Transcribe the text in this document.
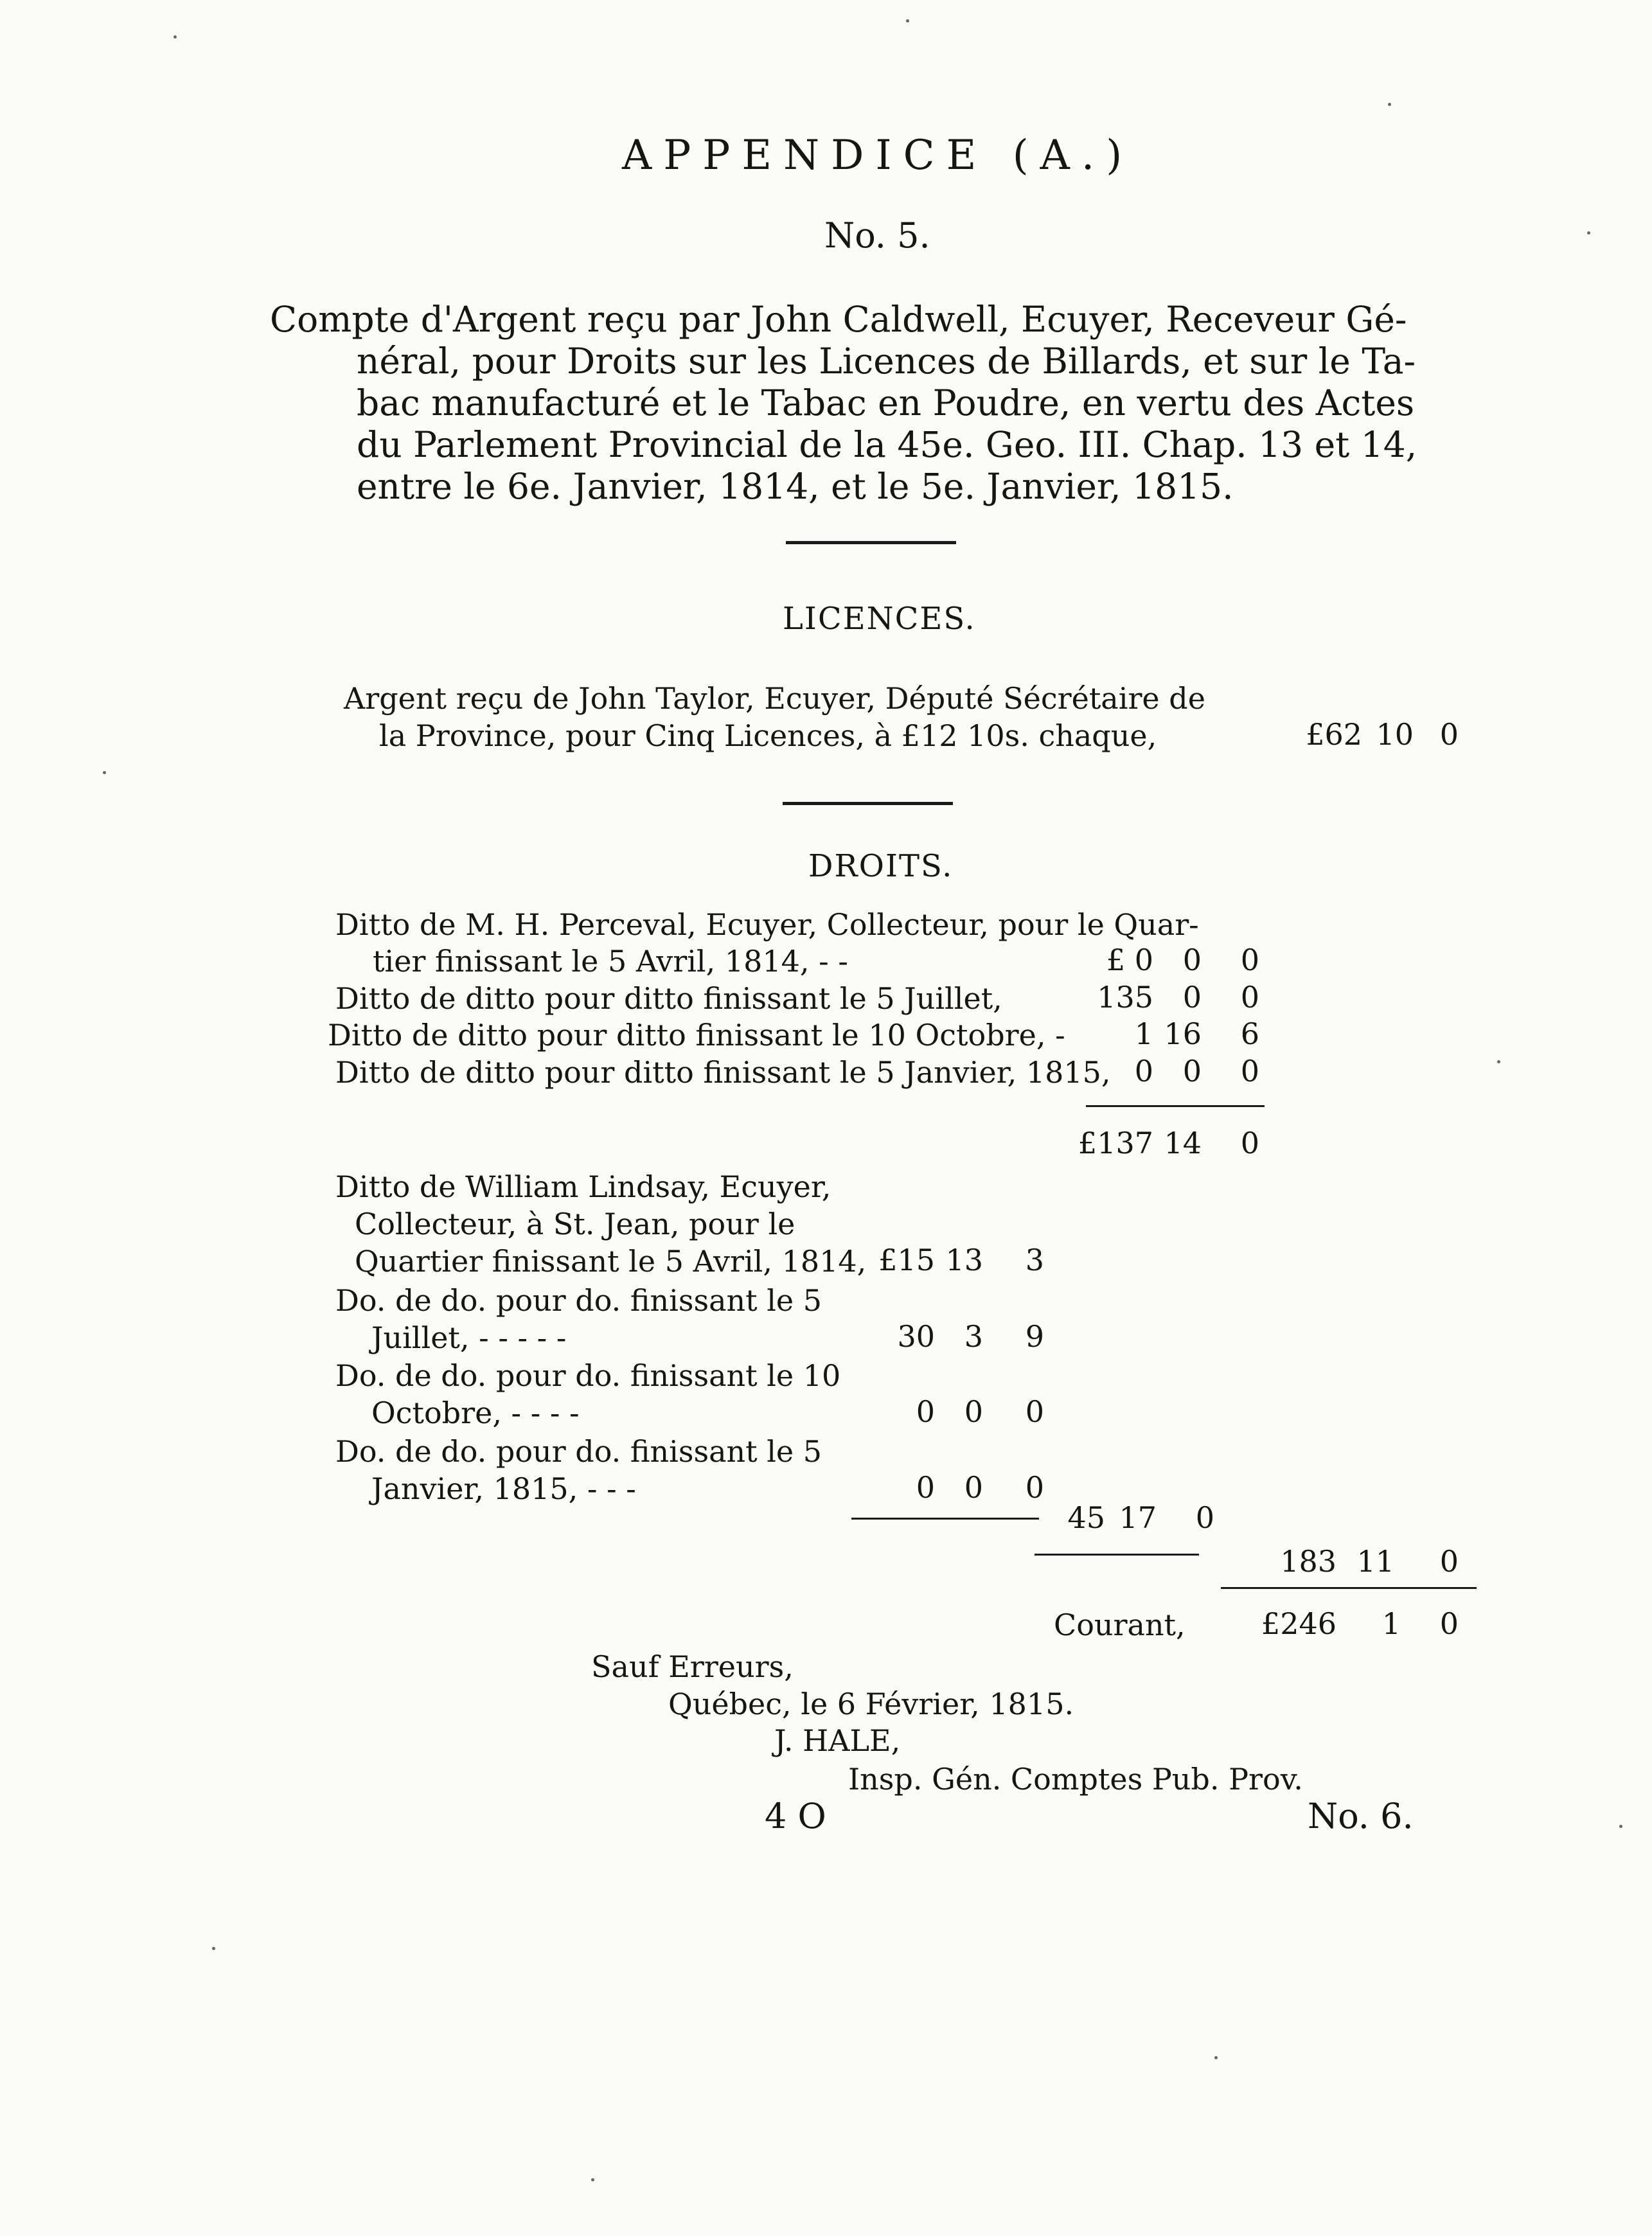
APPENDICE (A.)
No. 5.
Compte d'Argent reçu par John Caldwell, Ecuyer, Receveur Gé-
néral, pour Droits sur les Licences de Billards, et sur le Ta-
bac manufacturé et le Tabac en Poudre, en vertu des Actes
du Parlement Provincial de la 45e. Geo. III. Chap. 13 et 14,
entre le 6e. Janvier, 1814, et le 5e. Janvier, 1815.
LICENCES.
Argent reçu de John Taylor, Ecuyer, Député Sécrétaire de
la Province, pour Cinq Licences, à £12 10s. chaque,	£62 10 0
DROITS.
Ditto de M. H. Perceval, Ecuyer, Collecteur, pour le Quar-
tier finissant le 5 Avril, 1814, - -	£ 0 0	0
Ditto de ditto pour ditto finissant le 5 Juillet,	135 0	0
Ditto de ditto pour ditto finissant le 10 Octobre, -	1 16	6
Ditto de ditto pour ditto finissant le 5 Janvier, 1815, 0 0	0
£137 14	0
Ditto de William Lindsay, Ecuyer,
Collecteur, à St. Jean, pour le
Quartier finissant le 5 Avril, 1814, £15 13	3
Do. de do. pour do. finissant le 5
Juillet, - - - - -	30 3	9
Do. de do. pour do. finissant le 10
Octobre, - - - -	0 0	0
Do. de do. pour do. finissant le 5
Janvier, 1815, - - -	0 0	0
45 17	0
183 11	0
Courant,	£246 1	0
Sauf Erreurs,
Québec, le 6 Février, 1815.
J. HALE,
Insp. Gén. Comptes Pub. Prov.
4 O	No. 6.
